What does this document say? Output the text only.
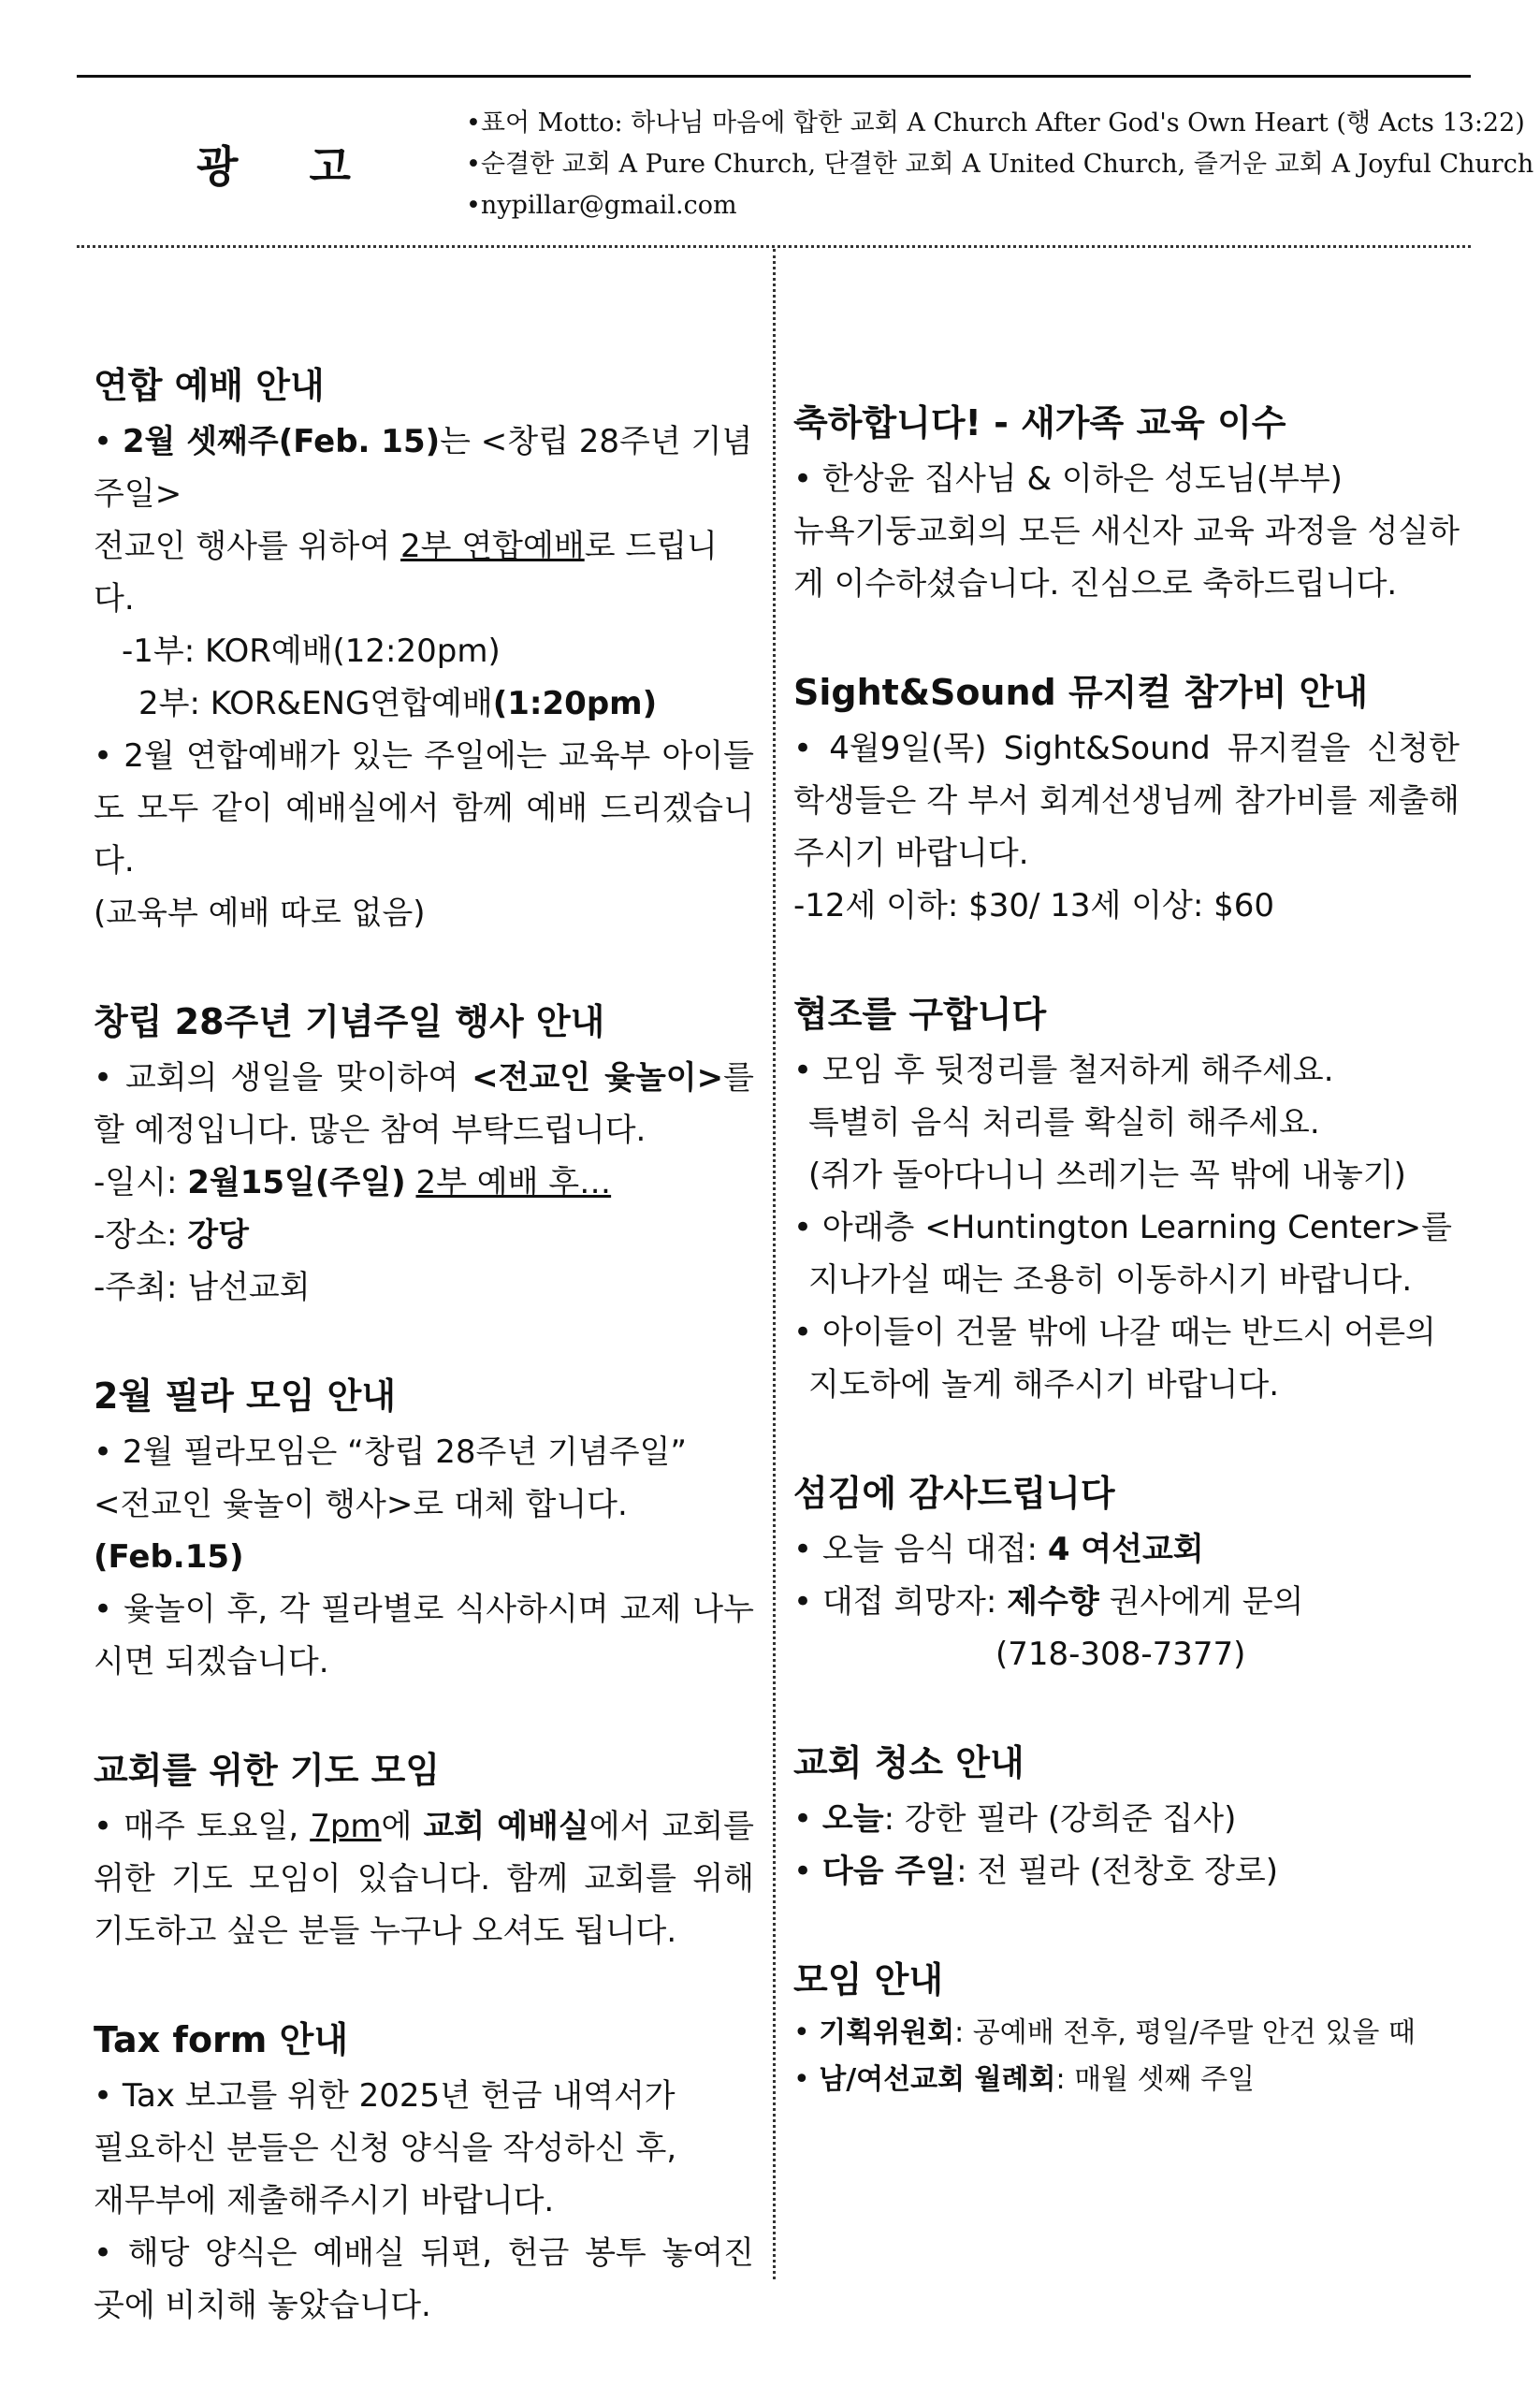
광 고
•표어 Motto: 하나님 마음에 합한 교회 A Church After God's Own Heart (행 Acts 13:22)
•순결한 교회 A Pure Church, 단결한 교회 A United Church, 즐거운 교회 A Joyful Church
•nypillar@gmail.com
연합 예배 안내

• 2월 셋째주(Feb. 15)는 <창립 28주년 기념주일>

전교인 행사를 위하여 2부 연합예배로 드립니다.

-1부: KOR예배(12:20pm)

2부: KOR&ENG연합예배(1:20pm)

• 2월 연합예배가 있는 주일에는 교육부 아이들도 모두 같이 예배실에서 함께 예배 드리겠습니다.

(교육부 예배 따로 없음)

창립 28주년 기념주일 행사 안내

• 교회의 생일을 맞이하여 <전교인 윷놀이>를 할 예정입니다. 많은 참여 부탁드립니다.

-일시: 2월15일(주일) 2부 예배 후…

-장소: 강당

-주최: 남선교회

2월 필라 모임 안내

• 2월 필라모임은 “창립 28주년 기념주일”

<전교인 윷놀이 행사>로 대체 합니다.(Feb.15)

• 윷놀이 후, 각 필라별로 식사하시며 교제 나누시면 되겠습니다.

교회를 위한 기도 모임

• 매주 토요일, 7pm에 교회 예배실에서 교회를 위한 기도 모임이 있습니다. 함께 교회를 위해 기도하고 싶은 분들 누구나 오셔도 됩니다.

Tax form 안내

• Tax 보고를 위한 2025년 헌금 내역서가

필요하신 분들은 신청 양식을 작성하신 후,

재무부에 제출해주시기 바랍니다.

• 해당 양식은 예배실 뒤편, 헌금 봉투 놓여진 곳에 비치해 놓았습니다.

축하합니다! - 새가족 교육 이수

• 한상윤 집사님 & 이하은 성도님(부부)

뉴욕기둥교회의 모든 새신자 교육 과정을 성실하게 이수하셨습니다. 진심으로 축하드립니다.

Sight&Sound 뮤지컬 참가비 안내

• 4월9일(목) Sight&Sound 뮤지컬을 신청한 학생들은 각 부서 회계선생님께 참가비를 제출해주시기 바랍니다.

-12세 이하: $30/ 13세 이상: $60

협조를 구합니다

• 모임 후 뒷정리를 철저하게 해주세요.

특별히 음식 처리를 확실히 해주세요.

(쥐가 돌아다니니 쓰레기는 꼭 밖에 내놓기)

• 아래층 <Huntington Learning Center>를

지나가실 때는 조용히 이동하시기 바랍니다.

• 아이들이 건물 밖에 나갈 때는 반드시 어른의

지도하에 놀게 해주시기 바랍니다.

섬김에 감사드립니다

• 오늘 음식 대접: 4 여선교회

• 대접 희망자: 제수향 권사에게 문의

(718-308-7377)

교회 청소 안내

• 오늘: 강한 필라 (강희준 집사)

• 다음 주일: 전 필라 (전창호 장로)

모임 안내

• 기획위원회: 공예배 전후, 평일/주말 안건 있을 때

• 남/여선교회 월례회: 매월 셋째 주일
